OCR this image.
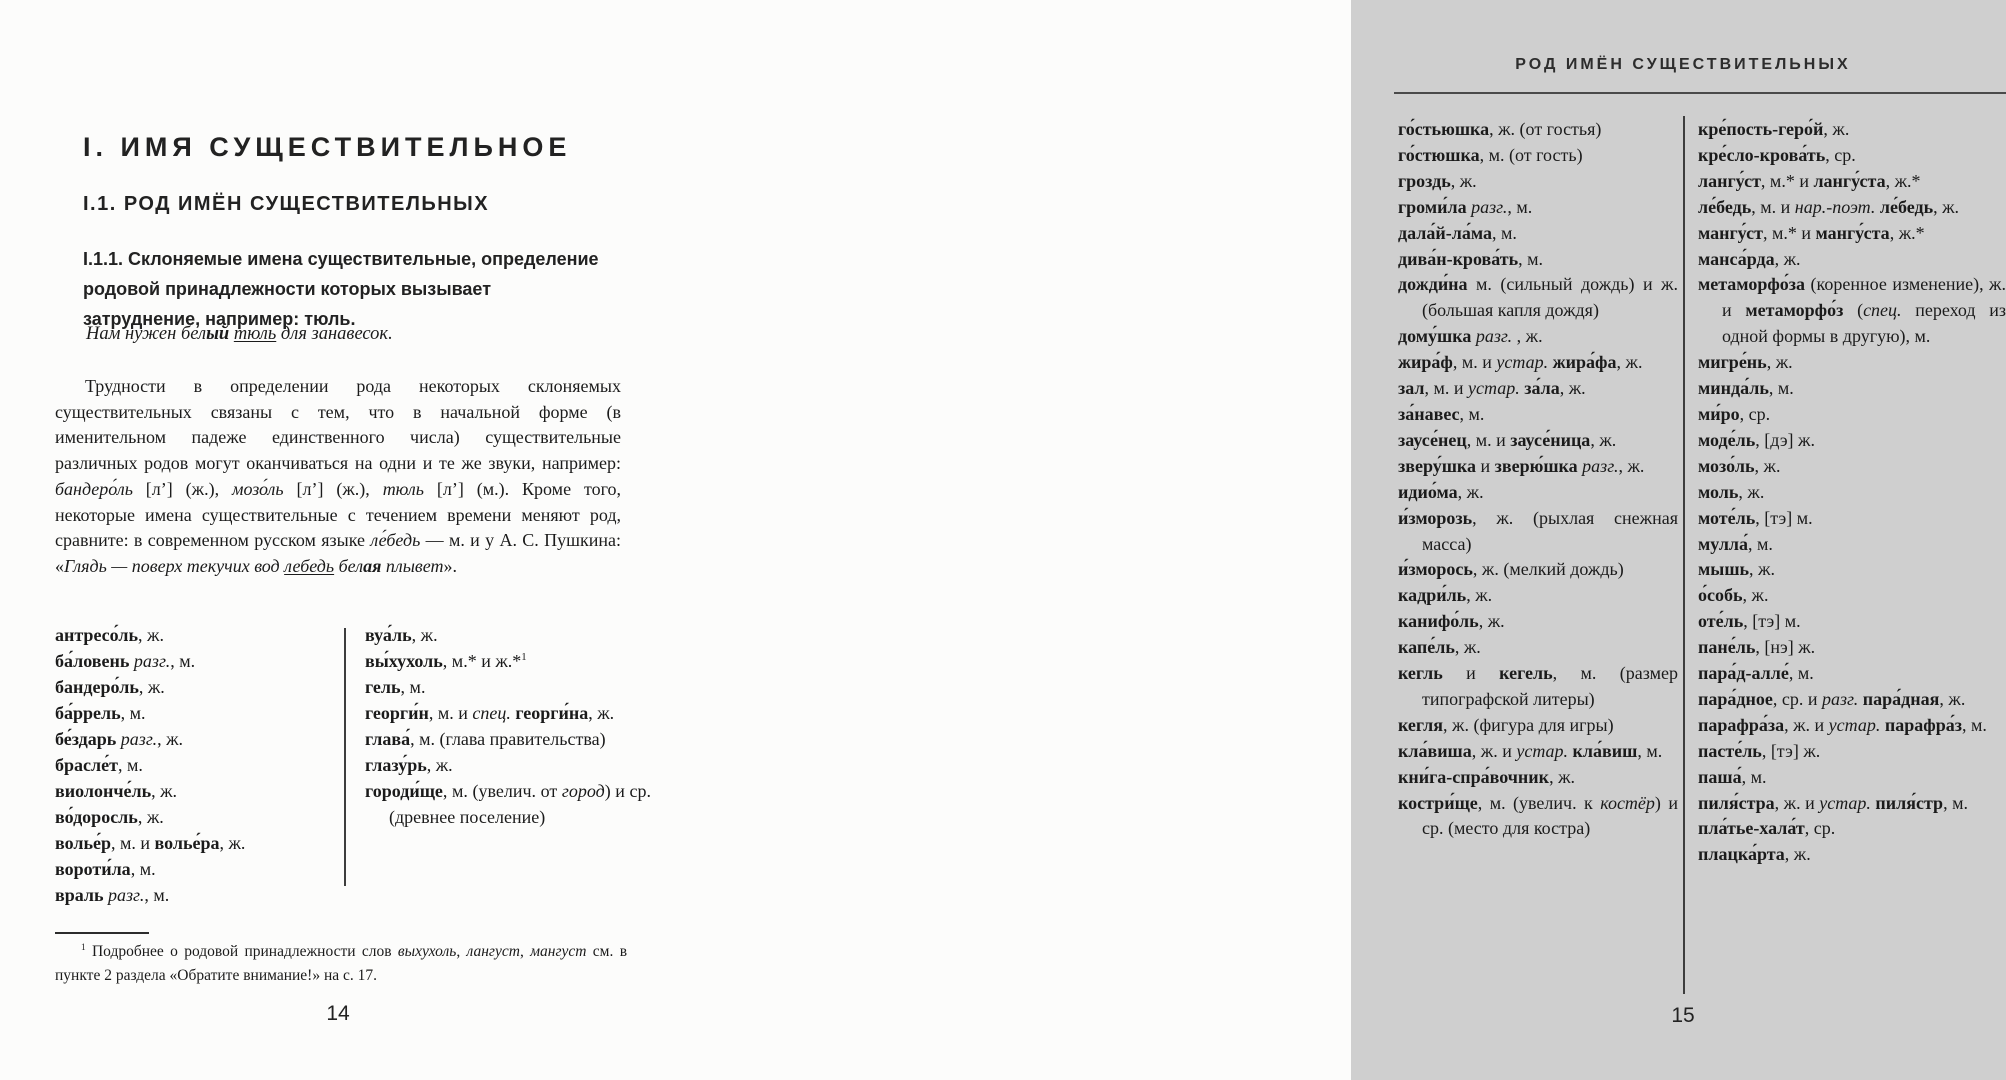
I. ИМЯ СУЩЕСТВИТЕЛЬНОЕ
I.1. РОД ИМЁН СУЩЕСТВИТЕЛЬНЫХ
I.1.1. Склоняемые имена существительные, определение родовой принадлежности которых вызывает затруднение, например: тюль.
Нам нужен белый тюль для занавесок.

Трудности в определении рода некоторых склоняемых существительных связаны с тем, что в начальной форме (в именительном падеже единственного числа) существительные различных родов могут оканчиваться на одни и те же звуки, например: бандеро́ль [л’] (ж.), мозо́ль [л’] (ж.), тюль [л’] (м.). Кроме того, некоторые имена существительные с течением времени меняют род, сравните: в современном русском языке ле́бедь — м. и у А. С. Пушкина: «Глядь — поверх текучих вод лебедь белая плывет».

антресо́ль, ж.
ба́ловень разг., м.
бандеро́ль, ж.
ба́ррель, м.
бе́здарь разг., ж.
брасле́т, м.
виолонче́ль, ж.
во́доросль, ж.
волье́р, м. и волье́ра, ж.
вороти́ла, м.
враль разг., м.
вуа́ль, ж.
вы́хухоль, м.* и ж.*$^1$
гель, м.
георги́н, м. и спец. георги́на, ж.
глава́, м. (глава правительства)
глазу́рь, ж.
городи́ще, м. (увелич. от город) и ср. (древнее поселение)
$^1$ Подробнее о родовой принадлежности слов выхухоль, лангуст, мангуст см. в пункте 2 раздела «Обратите внимание!» на с. 17.
14
РОД ИМЁН СУЩЕСТВИТЕЛЬНЫХ
го́стьюшка, ж. (от гостья)
го́стюшка, м. (от гость)
гроздь, ж.
громи́ла разг., м.
дала́й-ла́ма, м.
дива́н-крова́ть, м.
дожди́на м. (сильный дождь) и ж. (большая капля дождя)
дому́шка разг. , ж.
жира́ф, м. и устар. жира́фа, ж.
зал, м. и устар. за́ла, ж.
за́навес, м.
заусе́нец, м. и заусе́ница, ж.
зверу́шка и зверю́шка разг., ж.
идио́ма, ж.
и́зморозь, ж. (рыхлая снежная масса)
и́зморось, ж. (мелкий дождь)
кадри́ль, ж.
канифо́ль, ж.
капе́ль, ж.
кегль и кегель, м. (размер типографской литеры)
кегля, ж. (фигура для игры)
кла́виша, ж. и устар. кла́виш, м.
кни́га-спра́вочник, ж.
костри́ще, м. (увелич. к костёр) и ср. (место для костра)
кре́пость-геро́й, ж.
кре́сло-крова́ть, ср.
лангу́ст, м.* и лангу́ста, ж.*
ле́бедь, м. и нар.-поэт. ле́бедь, ж.
мангу́ст, м.* и мангу́ста, ж.*
манса́рда, ж.
метаморфо́за (коренное изменение), ж. и метаморфо́з (спец. переход из одной формы в другую), м.
мигре́нь, ж.
минда́ль, м.
ми́ро, ср.
моде́ль, [дэ] ж.
мозо́ль, ж.
моль, ж.
моте́ль, [тэ] м.
мулла́, м.
мышь, ж.
о́собь, ж.
оте́ль, [тэ] м.
пане́ль, [нэ] ж.
пара́д-алле́, м.
пара́дное, ср. и разг. пара́дная, ж.
парафра́за, ж. и устар. парафра́з, м.
пасте́ль, [тэ] ж.
паша́, м.
пиля́стра, ж. и устар. пиля́стр, м.
пла́тье-хала́т, ср.
плацка́рта, ж.
15
